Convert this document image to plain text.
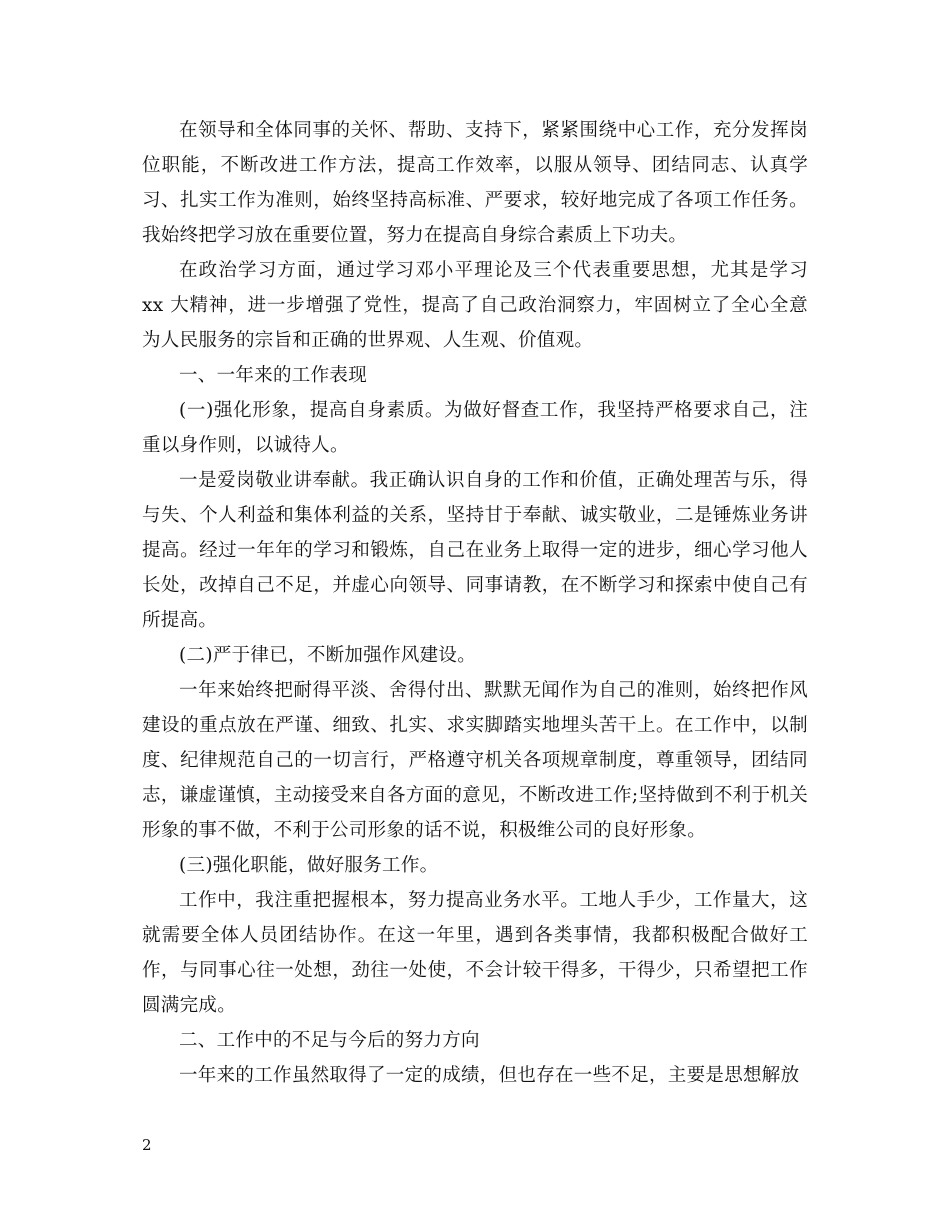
在领导和全体同事的关怀、帮助、支持下，紧紧围绕中心工作，充分发挥岗位职能，不断改进工作方法，提高工作效率，以服从领导、团结同志、认真学习、扎实工作为准则，始终坚持高标准、严要求，较好地完成了各项工作任务。我始终把学习放在重要位置，努力在提高自身综合素质上下功夫。

在政治学习方面，通过学习邓小平理论及三个代表重要思想，尤其是学习 xx 大精神，进一步增强了党性，提高了自己政治洞察力，牢固树立了全心全意为人民服务的宗旨和正确的世界观、人生观、价值观。

一、一年来的工作表现

(一)强化形象，提高自身素质。为做好督查工作，我坚持严格要求自己，注重以身作则，以诚待人。

一是爱岗敬业讲奉献。我正确认识自身的工作和价值，正确处理苦与乐，得与失、个人利益和集体利益的关系，坚持甘于奉献、诚实敬业，二是锤炼业务讲提高。经过一年年的学习和锻炼，自己在业务上取得一定的进步，细心学习他人长处，改掉自己不足，并虚心向领导、同事请教，在不断学习和探索中使自己有所提高。

(二)严于律已，不断加强作风建设。

一年来始终把耐得平淡、舍得付出、默默无闻作为自己的准则，始终把作风建设的重点放在严谨、细致、扎实、求实脚踏实地埋头苦干上。在工作中，以制度、纪律规范自己的一切言行，严格遵守机关各项规章制度，尊重领导，团结同志，谦虚谨慎，主动接受来自各方面的意见，不断改进工作;坚持做到不利于机关形象的事不做，不利于公司形象的话不说，积极维公司的良好形象。

(三)强化职能，做好服务工作。

工作中，我注重把握根本，努力提高业务水平。工地人手少，工作量大，这就需要全体人员团结协作。在这一年里，遇到各类事情，我都积极配合做好工作，与同事心往一处想，劲往一处使，不会计较干得多，干得少，只希望把工作圆满完成。

二、工作中的不足与今后的努力方向

一年来的工作虽然取得了一定的成绩，但也存在一些不足，主要是思想解放

2
